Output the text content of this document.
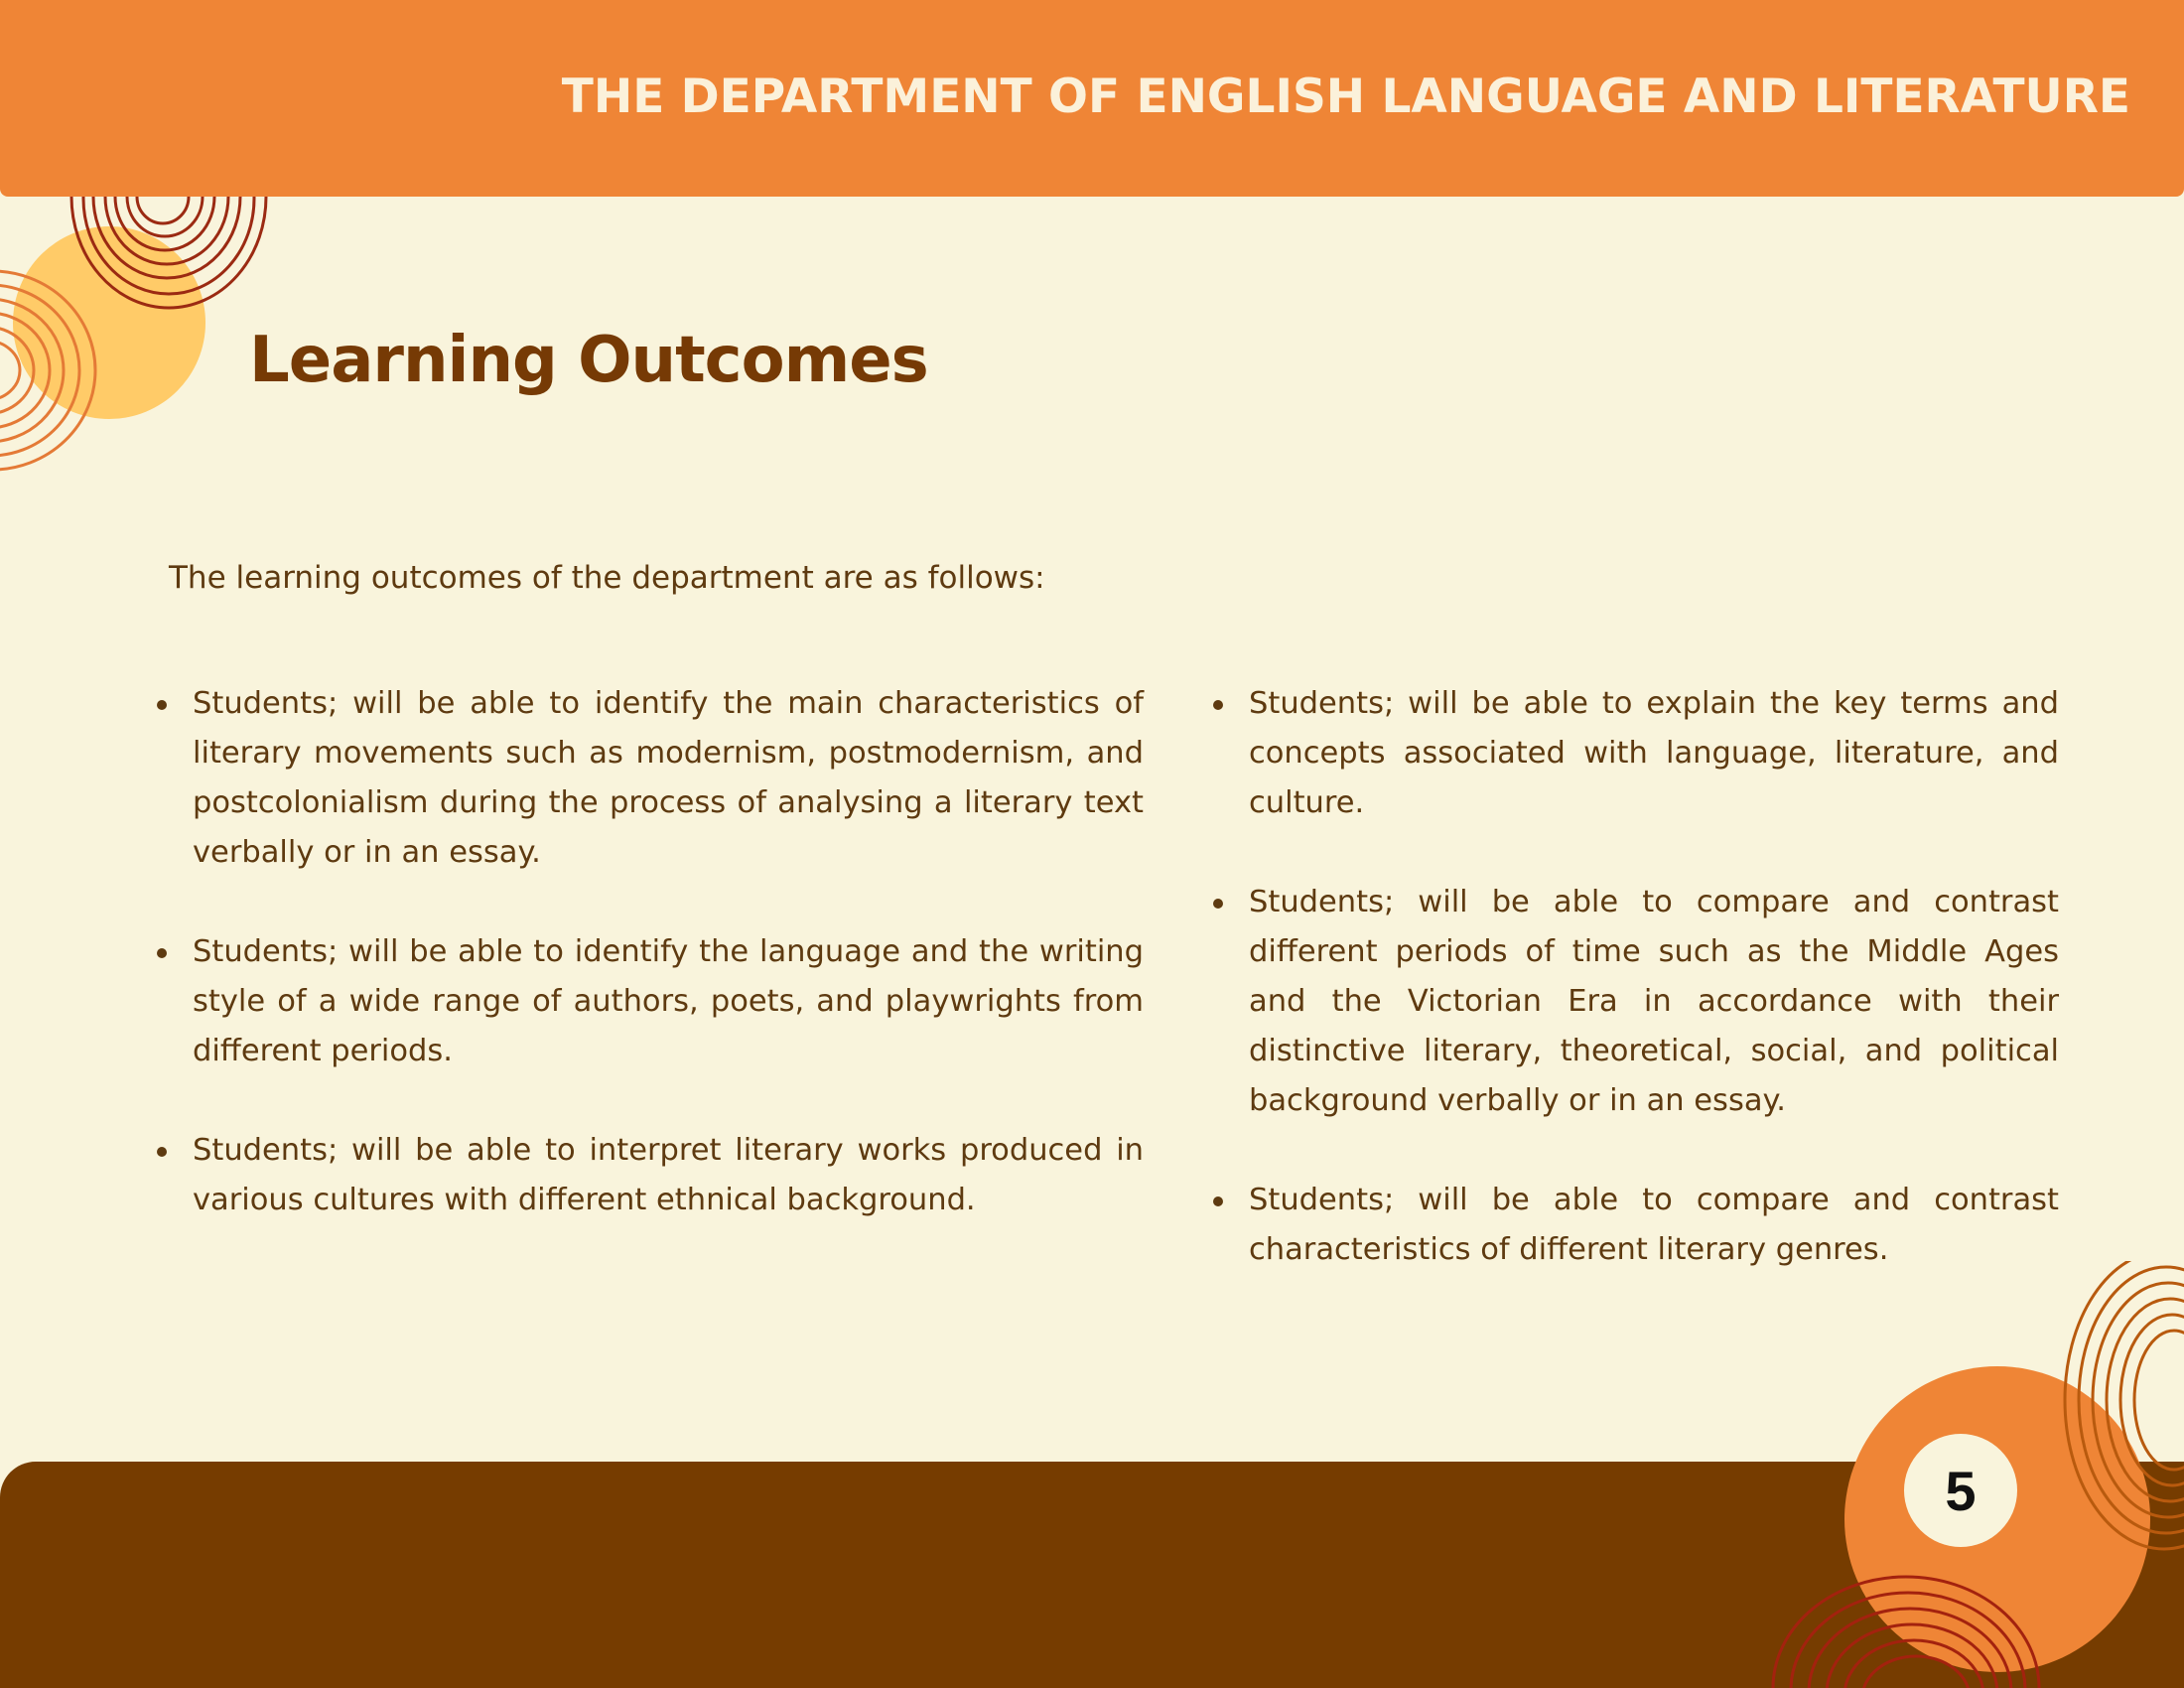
THE DEPARTMENT OF ENGLISH LANGUAGE AND LITERATURE
Learning Outcomes
The learning outcomes of the department are as follows:
Students; will be able to identify the main characteristics of literary movements such as modernism, postmodernism, and postcolonialism during the process of analysing a literary text verbally or in an essay.
Students; will be able to identify the language and the writing style of a wide range of authors, poets, and playwrights from different periods.
Students; will be able to interpret literary works produced in various cultures with different ethnical background.
Students; will be able to explain the key terms and concepts associated with language, literature, and culture.
Students; will be able to compare and contrast different periods of time such as the Middle Ages and the Victorian Era in accordance with their distinctive literary, theoretical, social, and political background verbally or in an essay.
Students; will be able to compare and contrast characteristics of different literary genres.
5
